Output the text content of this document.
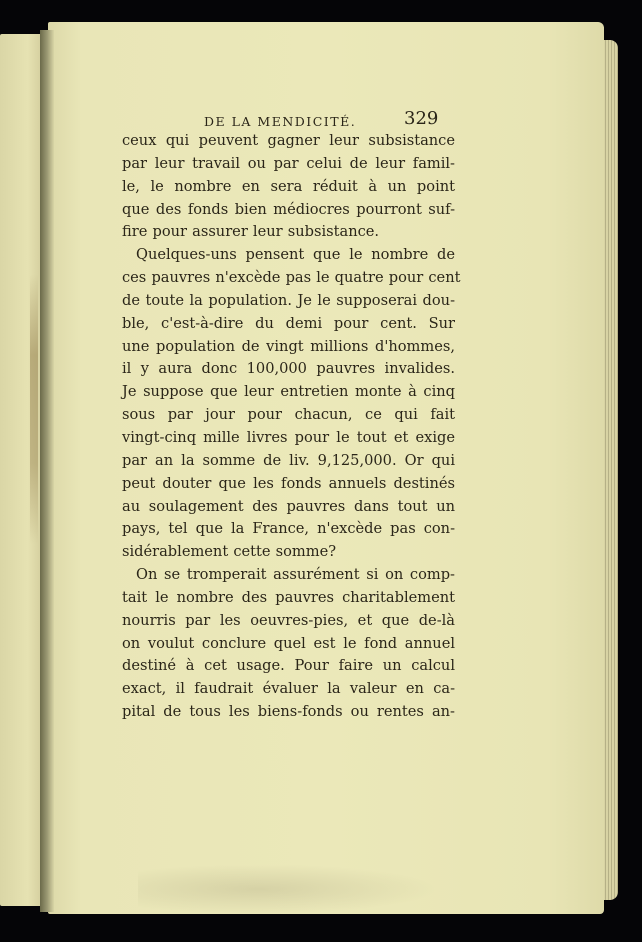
DE LA MENDICITÉ.	329
ceux qui peuvent gagner leur subsistance
par leur travail ou par celui de leur famil-
le, le nombre en sera réduit à un point
que des fonds bien médiocres pourront suf-
fire pour assurer leur subsistance.
Quelques-uns pensent que le nombre de
ces pauvres n'excède pas le quatre pour cent
de toute la population. Je le supposerai dou-
ble, c'est-à-dire du demi pour cent. Sur
une population de vingt millions d'hommes,
il y aura donc 100,000 pauvres invalides.
Je suppose que leur entretien monte à cinq
sous par jour pour chacun, ce qui fait
vingt-cinq mille livres pour le tout et exige
par an la somme de liv. 9,125,000. Or qui
peut douter que les fonds annuels destinés
au soulagement des pauvres dans tout un
pays, tel que la France, n'excède pas con-
sidérablement cette somme?
On se tromperait assurément si on comp-
tait le nombre des pauvres charitablement
nourris par les oeuvres-pies, et que de-là
on voulut conclure quel est le fond annuel
destiné à cet usage. Pour faire un calcul
exact, il faudrait évaluer la valeur en ca-
pital de tous les biens-fonds ou rentes an-
